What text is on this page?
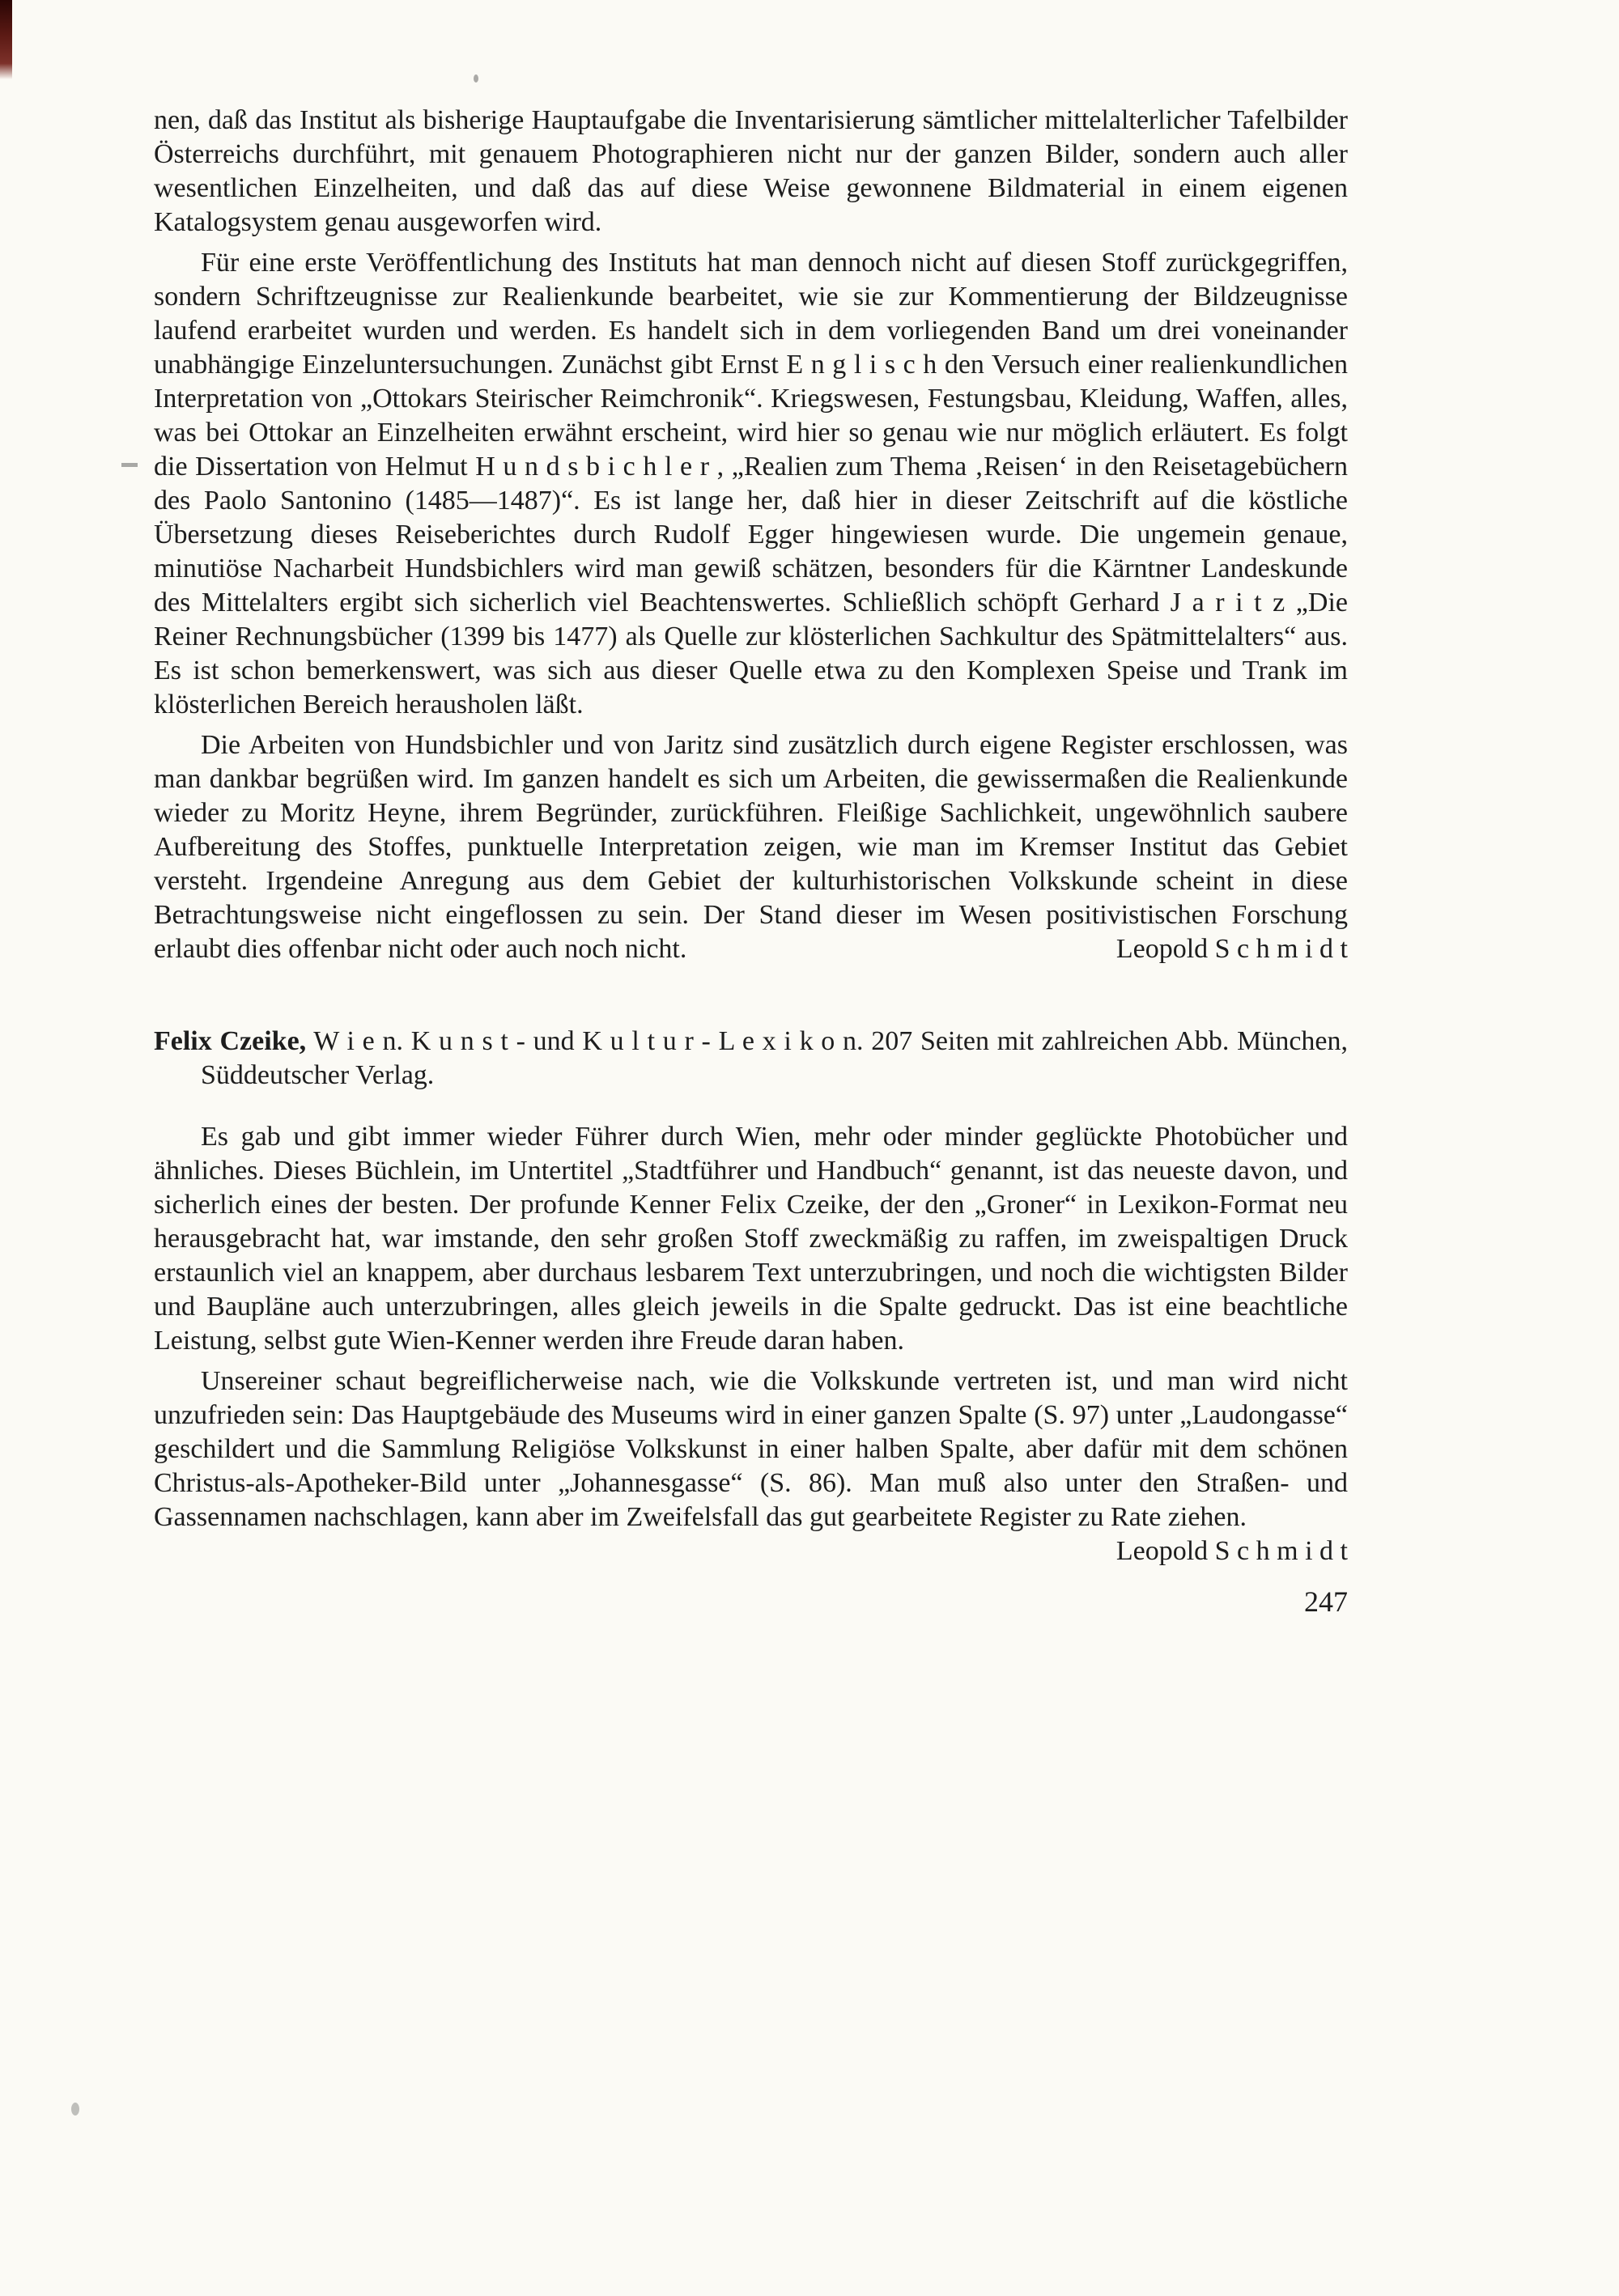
nen, daß das Institut als bisherige Hauptaufgabe die Inventarisierung sämtlicher mittelalterlicher Tafelbilder Österreichs durchführt, mit genauem Photographieren nicht nur der ganzen Bilder, sondern auch aller wesentlichen Einzelheiten, und daß das auf diese Weise gewonnene Bildmaterial in einem eigenen Katalogsystem genau ausgeworfen wird.

Für eine erste Veröffentlichung des Instituts hat man dennoch nicht auf diesen Stoff zurückgegriffen, sondern Schriftzeugnisse zur Realienkunde bearbeitet, wie sie zur Kommentierung der Bildzeugnisse laufend erarbeitet wurden und werden. Es handelt sich in dem vorliegenden Band um drei voneinander unabhängige Einzeluntersuchungen. Zunächst gibt Ernst E n g l i s c h den Versuch einer realienkundlichen Interpretation von „Ottokars Steirischer Reimchronik“. Kriegswesen, Festungsbau, Kleidung, Waffen, alles, was bei Ottokar an Einzelheiten erwähnt erscheint, wird hier so genau wie nur möglich erläutert. Es folgt die Dissertation von Helmut H u n d s b i c h l e r , „Realien zum Thema ‚Reisen‘ in den Reisetagebüchern des Paolo Santonino (1485—1487)“. Es ist lange her, daß hier in dieser Zeitschrift auf die köstliche Übersetzung dieses Reiseberichtes durch Rudolf Egger hingewiesen wurde. Die ungemein genaue, minutiöse Nacharbeit Hundsbichlers wird man gewiß schätzen, besonders für die Kärntner Landeskunde des Mittelalters ergibt sich sicherlich viel Beachtenswertes. Schließlich schöpft Gerhard J a r i t z „Die Reiner Rechnungsbücher (1399 bis 1477) als Quelle zur klösterlichen Sachkultur des Spätmittelalters“ aus. Es ist schon bemerkenswert, was sich aus dieser Quelle etwa zu den Komplexen Speise und Trank im klösterlichen Bereich herausholen läßt.

Die Arbeiten von Hundsbichler und von Jaritz sind zusätzlich durch eigene Register erschlossen, was man dankbar begrüßen wird. Im ganzen handelt es sich um Arbeiten, die gewissermaßen die Realienkunde wieder zu Moritz Heyne, ihrem Begründer, zurückführen. Fleißige Sachlichkeit, ungewöhnlich saubere Aufbereitung des Stoffes, punktuelle Interpretation zeigen, wie man im Kremser Institut das Gebiet versteht. Irgendeine Anregung aus dem Gebiet der kulturhistorischen Volkskunde scheint in diese Betrachtungsweise nicht eingeflossen zu sein. Der Stand dieser im Wesen positivistischen Forschung erlaubt dies offenbar nicht oder auch noch nicht.	Leopold S c h m i d t

Felix Czeike, W i e n. K u n s t - und K u l t u r - L e x i k o n. 207 Seiten mit zahlreichen Abb. München, Süddeutscher Verlag.

Es gab und gibt immer wieder Führer durch Wien, mehr oder minder geglückte Photobücher und ähnliches. Dieses Büchlein, im Untertitel „Stadtführer und Handbuch“ genannt, ist das neueste davon, und sicherlich eines der besten. Der profunde Kenner Felix Czeike, der den „Groner“ in Lexikon-Format neu herausgebracht hat, war imstande, den sehr großen Stoff zweckmäßig zu raffen, im zweispaltigen Druck erstaunlich viel an knappem, aber durchaus lesbarem Text unterzubringen, und noch die wichtigsten Bilder und Baupläne auch unterzubringen, alles gleich jeweils in die Spalte gedruckt. Das ist eine beachtliche Leistung, selbst gute Wien-Kenner werden ihre Freude daran haben.

Unsereiner schaut begreiflicherweise nach, wie die Volkskunde vertreten ist, und man wird nicht unzufrieden sein: Das Hauptgebäude des Museums wird in einer ganzen Spalte (S. 97) unter „Laudongasse“ geschildert und die Sammlung Religiöse Volkskunst in einer halben Spalte, aber dafür mit dem schönen Christus-als-Apotheker-Bild unter „Johannesgasse“ (S. 86). Man muß also unter den Straßen- und Gassennamen nachschlagen, kann aber im Zweifelsfall das gut gearbeitete Register zu Rate ziehen.
Leopold S c h m i d t

247
